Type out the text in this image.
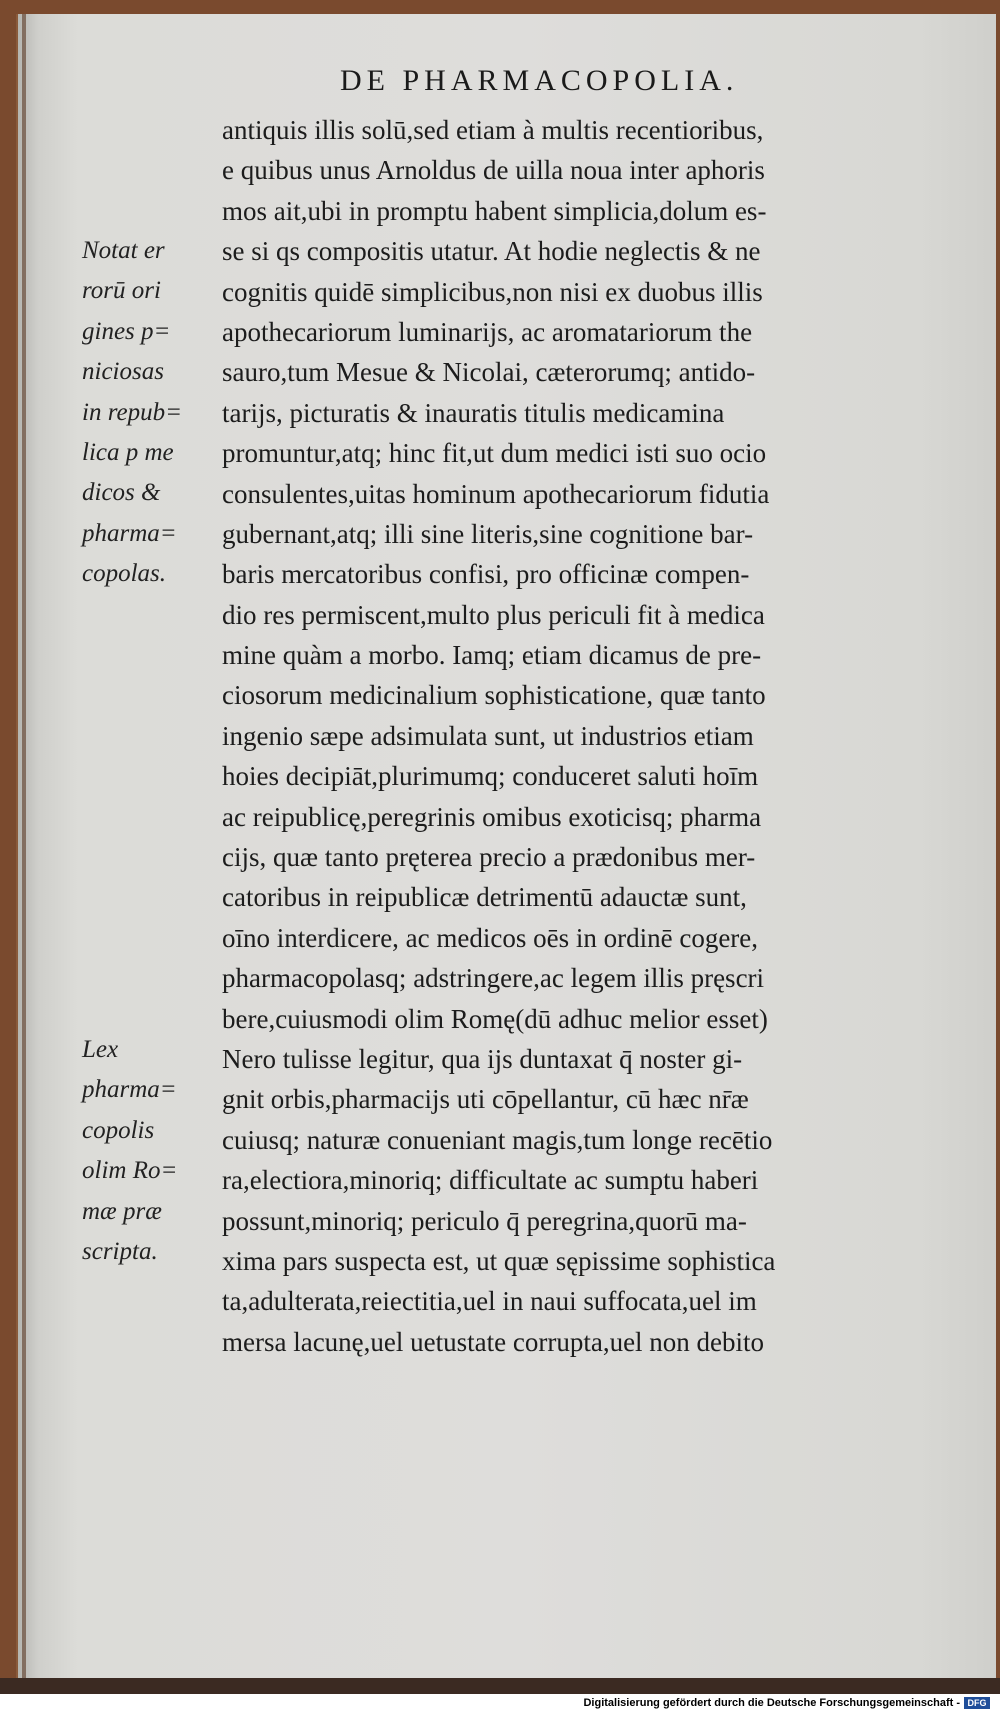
DE PHARMACOPOLIA.
antiquis illis solū,sed etiam à multis recentioribus,
e quibus unus Arnoldus de uilla noua inter aphoris
mos ait,ubi in promptu habent simplicia,dolum es-
se si qs compositis utatur. At hodie neglectis & ne
cognitis quidē simplicibus,non nisi ex duobus illis
apothecariorum luminarijs, ac aromatariorum the
sauro,tum Mesue & Nicolai, cæterorumq; antido-
tarijs, picturatis & inauratis titulis medicamina
promuntur,atq; hinc fit,ut dum medici isti suo ocio
consulentes,uitas hominum apothecariorum fidutia
gubernant,atq; illi sine literis,sine cognitione bar-
baris mercatoribus confisi, pro officinæ compen-
dio res permiscent,multo plus periculi fit à medica
mine quàm a morbo. Iamq; etiam dicamus de pre-
ciosorum medicinalium sophisticatione, quæ tanto
ingenio sæpe adsimulata sunt, ut industrios etiam
hoies decipiāt,plurimumq; conduceret saluti hoīm
ac reipublicę,peregrinis omibus exoticisq; pharma
cijs, quæ tanto pręterea precio a prædonibus mer-
catoribus in reipublicæ detrimentū adauctæ sunt,
oīno interdicere, ac medicos oēs in ordinē cogere,
pharmacopolasq; adstringere,ac legem illis pręscri
bere,cuiusmodi olim Romę(dū adhuc melior esset)
Nero tulisse legitur, qua ijs duntaxat q̄ noster gi-
gnit orbis,pharmacijs uti cōpellantur, cū hæc nr̄æ
cuiusq; naturæ conueniant magis,tum longe recētio
ra,electiora,minoriq; difficultate ac sumptu haberi
possunt,minoriq; periculo q̄ peregrina,quorū ma-
xima pars suspecta est, ut quæ sępissime sophistica
ta,adulterata,reiectitia,uel in naui suffocata,uel im
mersa lacunę,uel uetustate corrupta,uel non debito
Notat er
rorū ori
gines p=
niciosas
in repub=
lica p me
dicos &
pharma=
copolas.
Lex
pharma=
copolis
olim Ro=
mæ præ
scripta.
Digitalisierung gefördert durch die Deutsche Forschungsgemeinschaft - DFG
